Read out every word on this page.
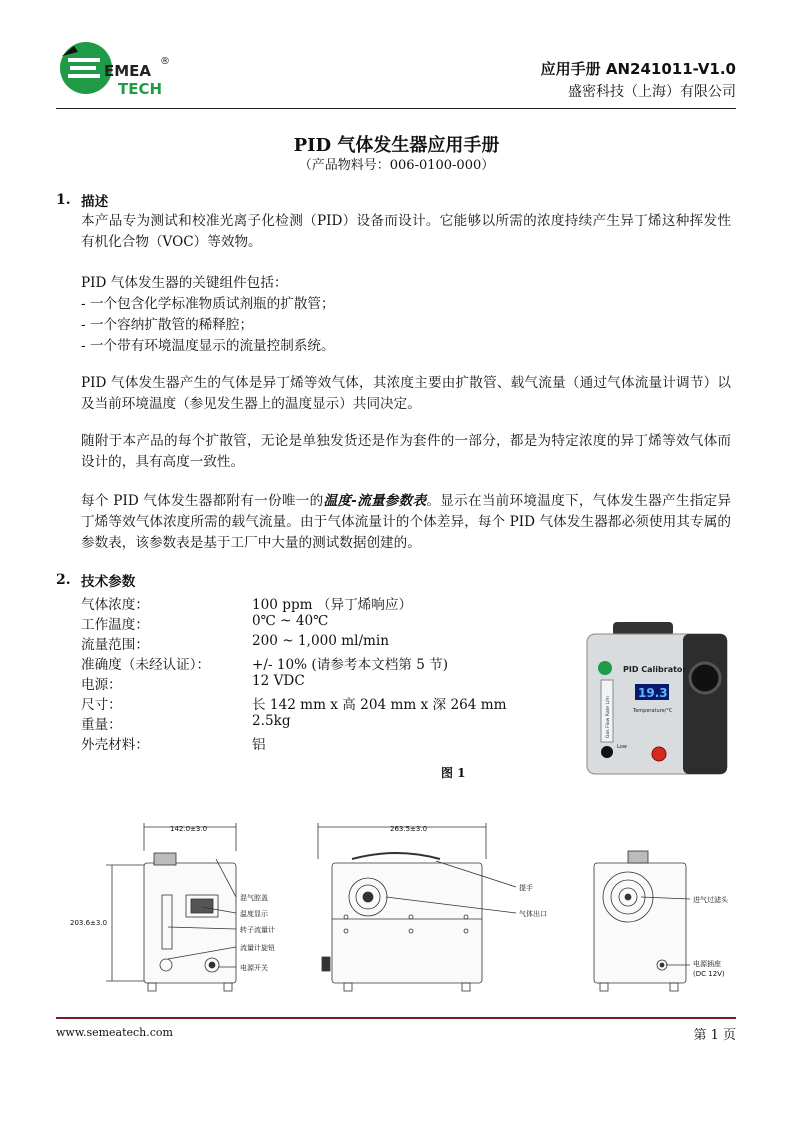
EMEA
TECH
®	应用手册 AN241011-V1.0
盛密科技（上海）有限公司
PID 气体发生器应用手册
（产品物料号：006-0100-000）
1. 描述

本产品专为测试和校准光离子化检测（PID）设备而设计。它能够以所需的浓度持续产生异丁烯这种挥发性有机化合物（VOC）等效物。

PID 气体发生器的关键组件包括：

- 一个包含化学标准物质试剂瓶的扩散管；

- 一个容纳扩散管的稀释腔；

- 一个带有环境温度显示的流量控制系统。

PID 气体发生器产生的气体是异丁烯等效气体，其浓度主要由扩散管、载气流量（通过气体流量计调节）以及当前环境温度（参见发生器上的温度显示）共同决定。

随附于本产品的每个扩散管，无论是单独发货还是作为套件的一部分，都是为特定浓度的异丁烯等效气体而设计的，具有高度一致性。

每个 PID 气体发生器都附有一份唯一的温度-流量参数表。显示在当前环境温度下，气体发生器产生指定异丁烯等效气体浓度所需的载气流量。由于气体流量计的个体差异，每个 PID 气体发生器都必须使用其专属的参数表，该参数表是基于工厂中大量的测试数据创建的。

2. 技术参数
气体浓度：	100 ppm （异丁烯响应）
工作温度：	0℃ ~ 40℃
流量范围：	200 ~ 1,000 ml/min
准确度（未经认证）：	+/- 10% (请参考本文档第 5 节)
电源：	12 VDC
尺寸：	长 142 mm x 高 204 mm x 深 264 mm
重量：	2.5kg
外壳材料：	铝
PID Calibrator
19.3
Temperature/°C
Gas Flow Rate L/m
Low
图 1
142.0±3.0
203.6±3.0
263.5±3.0
混气腔盖
温度显示
转子流量计
流量计旋钮
电源开关
提手
气体出口
进气过滤头
电源插座
(DC 12V)
www.semeatech.com	第 1 页
